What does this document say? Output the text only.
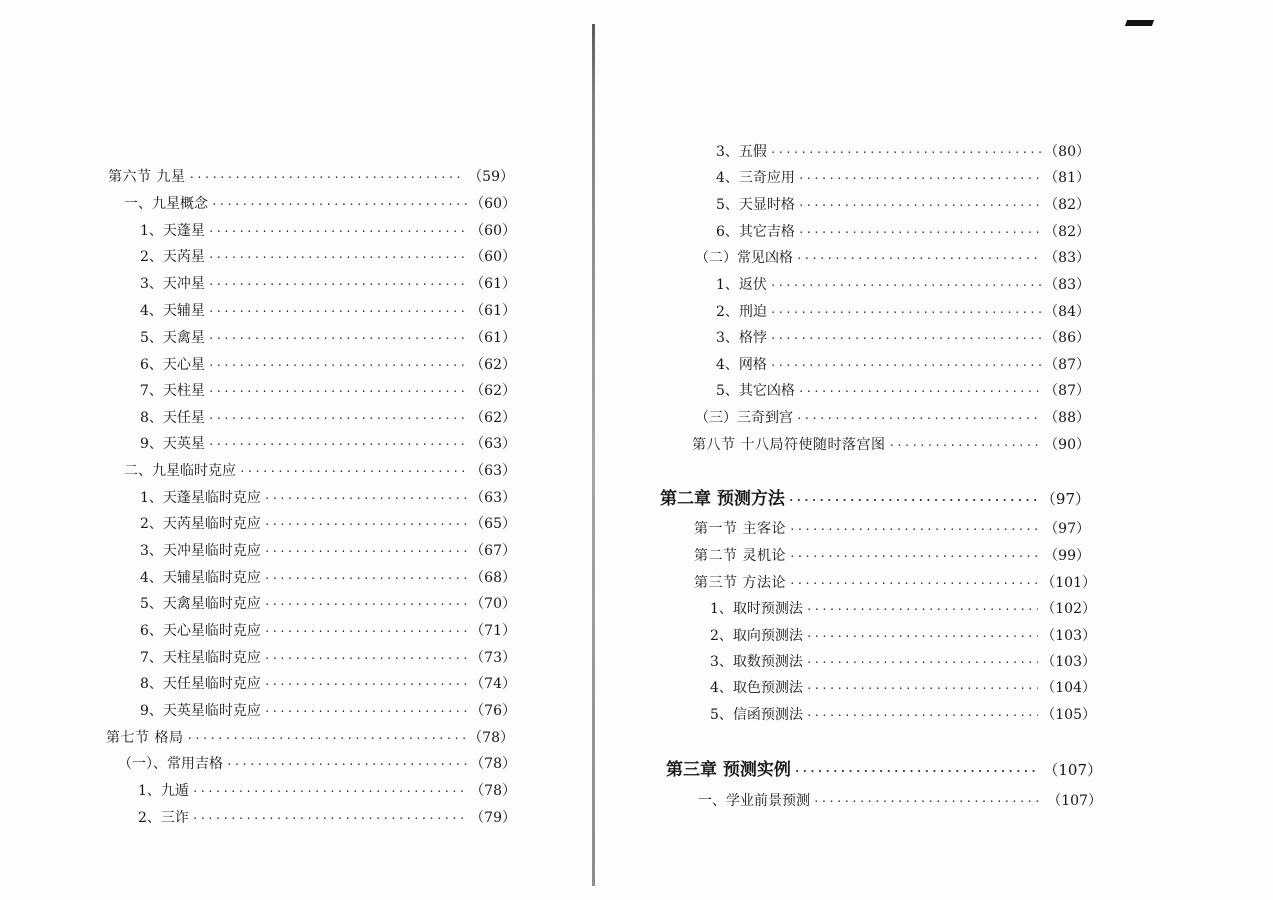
第六节 九星 ·····	（59）
一、九星概念 ·····	（60）
1、天蓬星 ·····	（60）
2、天芮星 ·····	（60）
3、天冲星 ·····	（61）
4、天辅星 ·····	（61）
5、天禽星 ·····	（61）
6、天心星 ·····	（62）
7、天柱星 ·····	（62）
8、天任星 ·····	（62）
9、天英星 ·····	（63）
二、九星临时克应 ·····	（63）
1、天蓬星临时克应 ·····	（63）
2、天芮星临时克应 ·····	（65）
3、天冲星临时克应 ·····	（67）
4、天辅星临时克应 ·····	（68）
5、天禽星临时克应 ·····	（70）
6、天心星临时克应 ·····	（71）
7、天柱星临时克应 ·····	（73）
8、天任星临时克应 ·····	（74）
9、天英星临时克应 ·····	（76）
第七节 格局 ·····	（78）
（一）、常用吉格 ·····	（78）
1、九遁 ·····	（78）
2、三诈 ·····	（79）
3、五假 ·····	（80）
4、三奇应用 ·····	（81）
5、天显时格 ·····	（82）
6、其它吉格 ·····	（82）
（二）常见凶格 ·····	（83）
1、返伏 ·····	（83）
2、刑迫 ·····	（84）
3、格悖 ·····	（86）
4、网格 ·····	（87）
5、其它凶格 ·····	（87）
（三）三奇到宫 ·····	（88）
第八节 十八局符使随时落宫图 ·····	（90）
第二章 预测方法 ·····	（97）
第一节 主客论 ·····	（97）
第二节 灵机论 ·····	（99）
第三节 方法论 ·····	（101）
1、取时预测法 ·····	（102）
2、取向预测法 ·····	（103）
3、取数预测法 ·····	（103）
4、取色预测法 ·····	（104）
5、信函预测法 ·····	（105）
第三章 预测实例 ·····	（107）
一、学业前景预测 ·····	（107）
